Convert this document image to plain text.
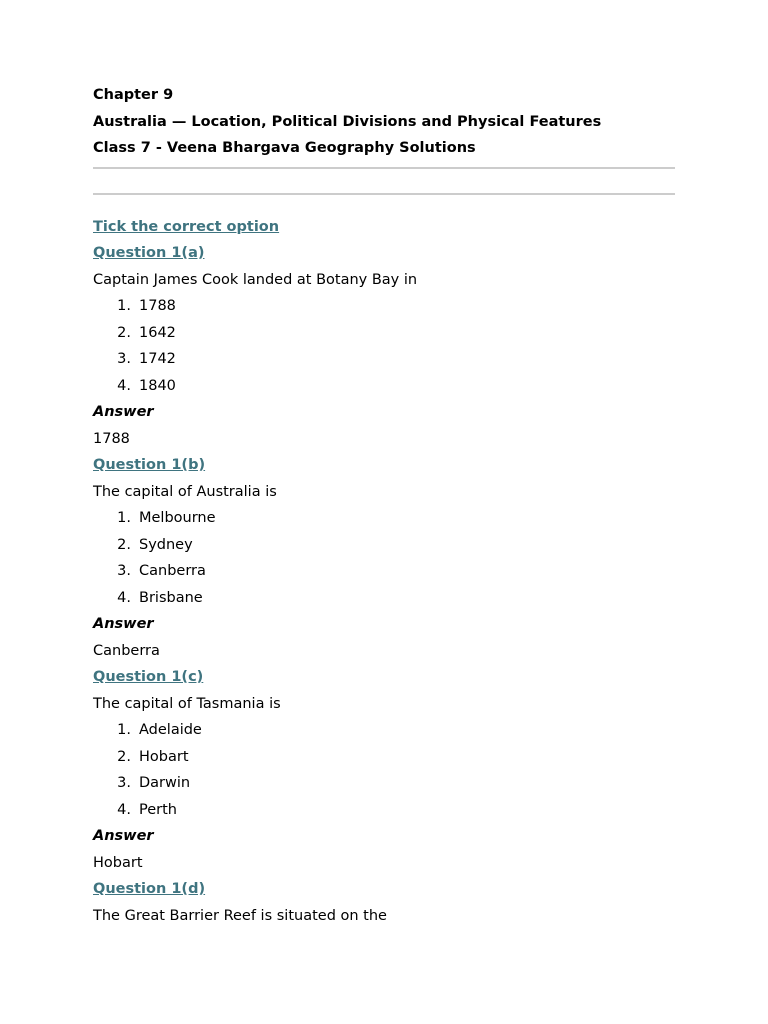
Chapter 9
Australia — Location, Political Divisions and Physical Features
Class 7 - Veena Bhargava Geography Solutions
Tick the correct option
Question 1(a)
Captain James Cook landed at Botany Bay in
1. 1788
2. 1642
3. 1742
4. 1840
Answer
1788
Question 1(b)
The capital of Australia is
1. Melbourne
2. Sydney
3. Canberra
4. Brisbane
Answer
Canberra
Question 1(c)
The capital of Tasmania is
1. Adelaide
2. Hobart
3. Darwin
4. Perth
Answer
Hobart
Question 1(d)
The Great Barrier Reef is situated on the
